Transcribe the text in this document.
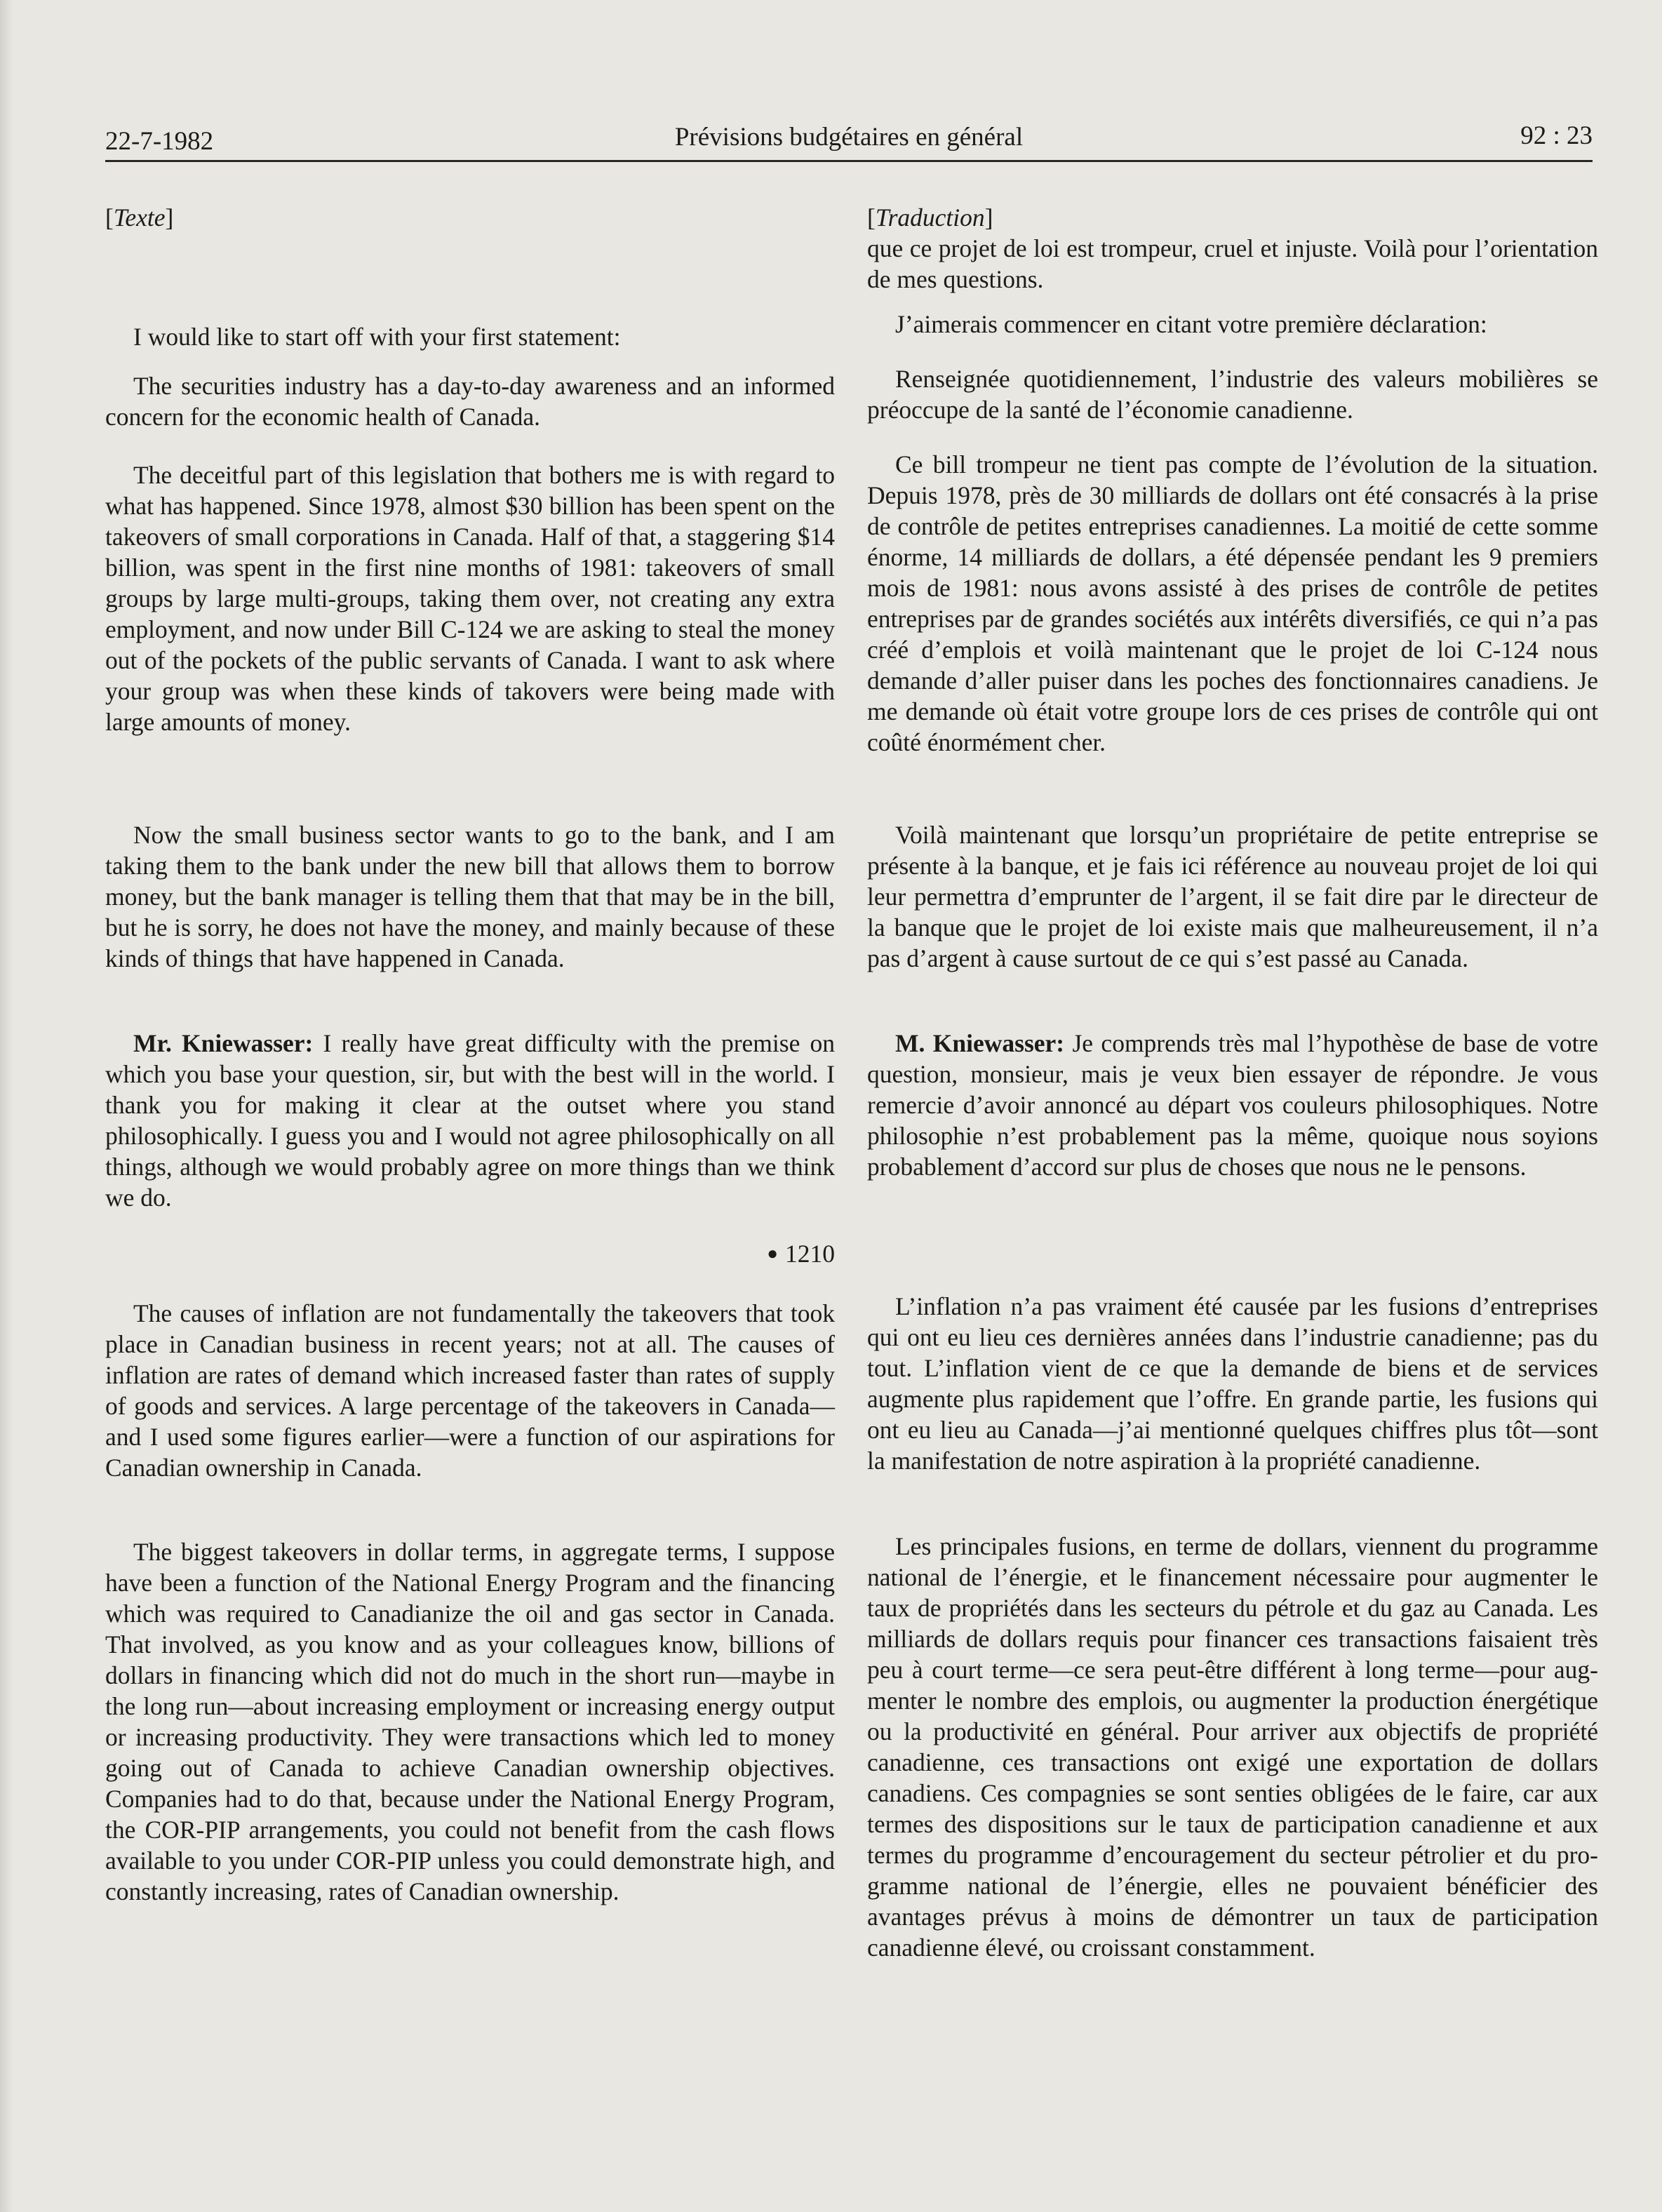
22-7-1982	Prévisions budgétaires en général	92 : 23

[Texte]

I would like to start off with your first statement:

The securities industry has a day-to-day awareness and an informed concern for the economic health of Canada.

The deceitful part of this legislation that bothers me is with regard to what has happened. Since 1978, almost $30 billion has been spent on the takeovers of small corporations in Canada. Half of that, a staggering $14 billion, was spent in the first nine months of 1981: takeovers of small groups by large multi-groups, taking them over, not creating any extra employment, and now under Bill C-124 we are asking to steal the money out of the pockets of the public servants of Canada. I want to ask where your group was when these kinds of takovers were being made with large amounts of money.

Now the small business sector wants to go to the bank, and I am taking them to the bank under the new bill that allows them to borrow money, but the bank manager is telling them that that may be in the bill, but he is sorry, he does not have the money, and mainly because of these kinds of things that have happened in Canada.

Mr. Kniewasser: I really have great difficulty with the premise on which you base your question, sir, but with the best will in the world. I thank you for making it clear at the outset where you stand philosophically. I guess you and I would not agree philosophically on all things, although we would probably agree on more things than we think we do.

● 1210

The causes of inflation are not fundamentally the takeovers that took place in Canadian business in recent years; not at all. The causes of inflation are rates of demand which increased faster than rates of supply of goods and services. A large percentage of the takeovers in Canada—and I used some figures earlier—were a function of our aspirations for Canadian ownership in Canada.

The biggest takeovers in dollar terms, in aggregate terms, I suppose have been a function of the National Energy Program and the financing which was required to Canadianize the oil and gas sector in Canada. That involved, as you know and as your colleagues know, billions of dollars in financing which did not do much in the short run—maybe in the long run—about increasing employment or increasing energy output or increasing productivity. They were transactions which led to money going out of Canada to achieve Canadian ownership objectives. Companies had to do that, because under the National Energy Program, the COR-PIP arrangements, you could not benefit from the cash flows available to you under COR-PIP unless you could demonstrate high, and constantly increasing, rates of Canadian ownership.

[Traduction]

que ce projet de loi est trompeur, cruel et injuste. Voilà pour l’orientation de mes questions.

J’aimerais commencer en citant votre première déclaration:

Renseignée quotidiennement, l’industrie des valeurs mobilières se préoccupe de la santé de l’économie canadienne.

Ce bill trompeur ne tient pas compte de l’évolution de la situation. Depuis 1978, près de 30 milliards de dollars ont été consacrés à la prise de contrôle de petites entreprises canadiennes. La moitié de cette somme énorme, 14 milliards de dollars, a été dépensée pendant les 9 premiers mois de 1981: nous avons assisté à des prises de contrôle de petites entreprises par de grandes sociétés aux intérêts diversifiés, ce qui n’a pas créé d’emplois et voilà maintenant que le projet de loi C-124 nous demande d’aller puiser dans les poches des fonctionnaires canadiens. Je me demande où était votre groupe lors de ces prises de contrôle qui ont coûté énormément cher.

Voilà maintenant que lorsqu’un propriétaire de petite entreprise se présente à la banque, et je fais ici référence au nouveau projet de loi qui leur permettra d’emprunter de l’argent, il se fait dire par le directeur de la banque que le projet de loi existe mais que malheureusement, il n’a pas d’argent à cause surtout de ce qui s’est passé au Canada.

M. Kniewasser: Je comprends très mal l’hypothèse de base de votre question, monsieur, mais je veux bien essayer de répondre. Je vous remercie d’avoir annoncé au départ vos couleurs philosophiques. Notre philosophie n’est probablement pas la même, quoique nous soyions probablement d’accord sur plus de choses que nous ne le pensons.

L’inflation n’a pas vraiment été causée par les fusions d’entreprises qui ont eu lieu ces dernières années dans l’industrie canadienne; pas du tout. L’inflation vient de ce que la demande de biens et de services augmente plus rapidement que l’offre. En grande partie, les fusions qui ont eu lieu au Canada—j’ai mentionné quelques chiffres plus tôt—sont la manifestation de notre aspiration à la propriété canadienne.

Les principales fusions, en terme de dollars, viennent du programme national de l’énergie, et le financement nécessaire pour augmenter le taux de propriétés dans les secteurs du pétrole et du gaz au Canada. Les milliards de dollars requis pour financer ces transactions faisaient très peu à court terme—ce sera peut-être différent à long terme—pour augmenter le nombre des emplois, ou augmenter la production énergétique ou la productivité en général. Pour arriver aux objectifs de propriété canadienne, ces transactions ont exigé une exportation de dollars canadiens. Ces compagnies se sont senties obligées de le faire, car aux termes des dispositions sur le taux de participation canadienne et aux termes du programme d’encouragement du secteur pétrolier et du programme national de l’énergie, elles ne pouvaient bénéficier des avantages prévus à moins de démontrer un taux de participation canadienne élevé, ou croissant constamment.
